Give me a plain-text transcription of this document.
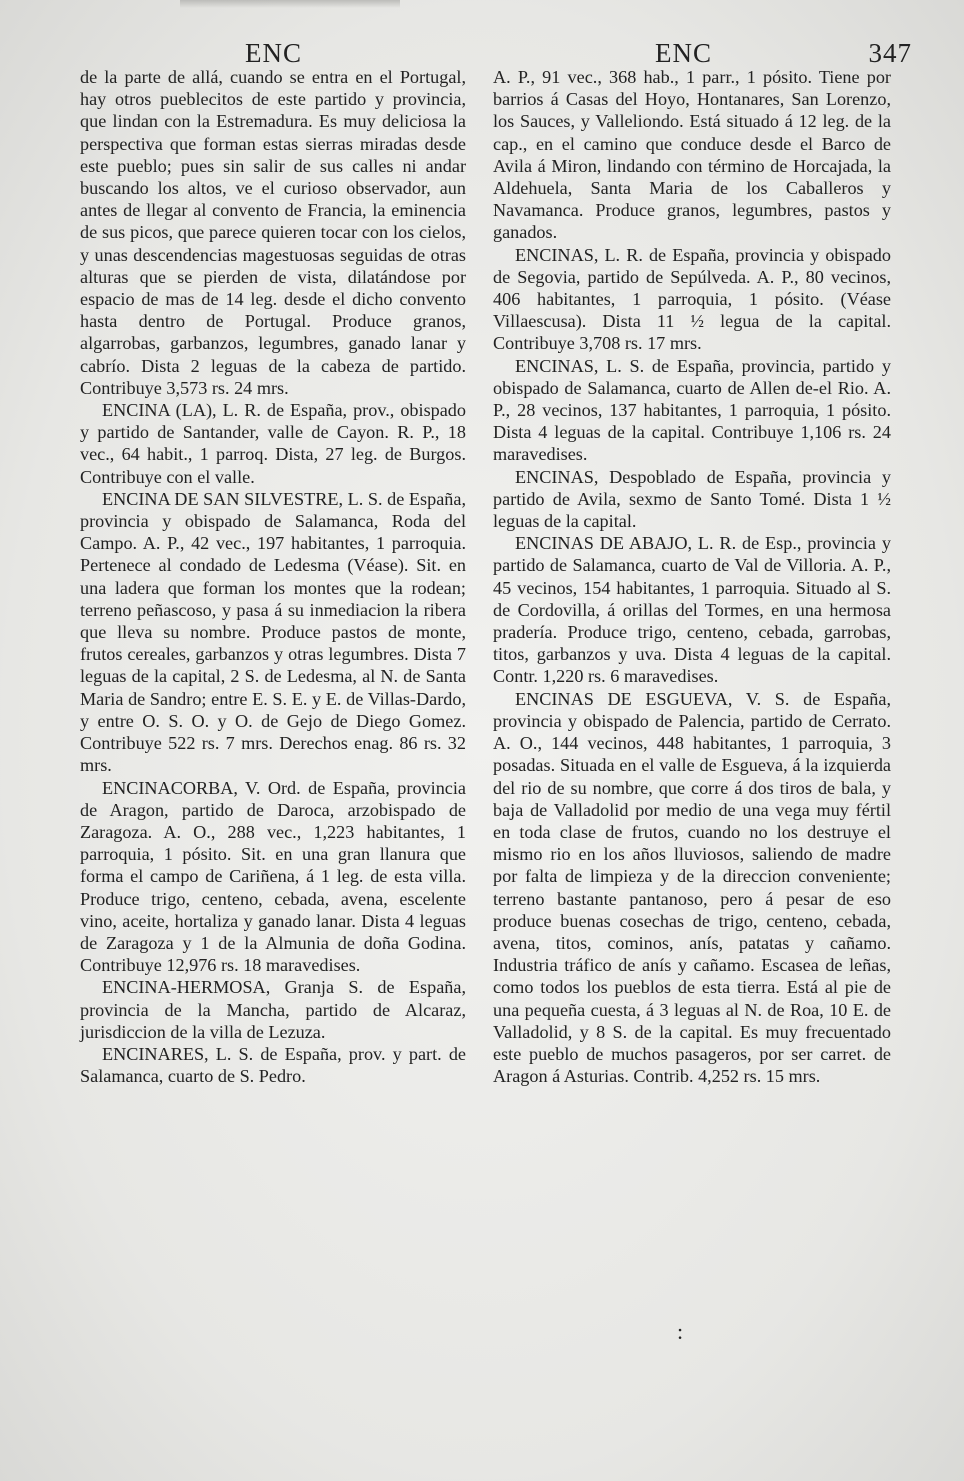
ENC	ENC	347

de la parte de allá, cuando se entra en el Portugal, hay otros pueblecitos de este partido y provincia, que lindan con la Estremadura. Es muy deliciosa la perspectiva que forman estas sierras miradas desde este pueblo; pues sin salir de sus calles ni andar buscando los altos, ve el curioso observador, aun antes de llegar al convento de Francia, la eminencia de sus picos, que parece quieren tocar con los cielos, y unas descendencias magestuosas seguidas de otras alturas que se pierden de vista, dilatándose por espacio de mas de 14 leg. desde el dicho convento hasta dentro de Portugal. Produce granos, algarrobas, garbanzos, legumbres, ganado lanar y cabrío. Dista 2 leguas de la cabeza de partido. Contribuye 3,573 rs. 24 mrs.

ENCINA (LA), L. R. de España, prov., obispado y partido de Santander, valle de Cayon. R. P., 18 vec., 64 habit., 1 parroq. Dista, 27 leg. de Burgos. Contribuye con el valle.

ENCINA DE SAN SILVESTRE, L. S. de España, provincia y obispado de Salamanca, Roda del Campo. A. P., 42 vec., 197 habitantes, 1 parroquia. Pertenece al condado de Ledesma (Véase). Sit. en una ladera que forman los montes que la rodean; terreno peñascoso, y pasa á su inmediacion la ribera que lleva su nombre. Produce pastos de monte, frutos cereales, garbanzos y otras legumbres. Dista 7 leguas de la capital, 2 S. de Ledesma, al N. de Santa Maria de Sandro; entre E. S. E. y E. de Villas-Dardo, y entre O. S. O. y O. de Gejo de Diego Gomez. Contribuye 522 rs. 7 mrs. Derechos enag. 86 rs. 32 mrs.

ENCINACORBA, V. Ord. de España, provincia de Aragon, partido de Daroca, arzobispado de Zaragoza. A. O., 288 vec., 1,223 habitantes, 1 parroquia, 1 pósito. Sit. en una gran llanura que forma el campo de Cariñena, á 1 leg. de esta villa. Produce trigo, centeno, cebada, avena, escelente vino, aceite, hortaliza y ganado lanar. Dista 4 leguas de Zaragoza y 1 de la Almunia de doña Godina. Contribuye 12,976 rs. 18 maravedises.

ENCINA-HERMOSA, Granja S. de España, provincia de la Mancha, partido de Alcaraz, jurisdiccion de la villa de Lezuza.

ENCINARES, L. S. de España, prov. y part. de Salamanca, cuarto de S. Pedro.

A. P., 91 vec., 368 hab., 1 parr., 1 pósito. Tiene por barrios á Casas del Hoyo, Hontanares, San Lorenzo, los Sauces, y Valleliondo. Está situado á 12 leg. de la cap., en el camino que conduce desde el Barco de Avila á Miron, lindando con término de Horcajada, la Aldehuela, Santa Maria de los Caballeros y Navamanca. Produce granos, legumbres, pastos y ganados.

ENCINAS, L. R. de España, provincia y obispado de Segovia, partido de Sepúlveda. A. P., 80 vecinos, 406 habitantes, 1 parroquia, 1 pósito. (Véase Villaescusa). Dista 11 ½ legua de la capital. Contribuye 3,708 rs. 17 mrs.

ENCINAS, L. S. de España, provincia, partido y obispado de Salamanca, cuarto de Allen de-el Rio. A. P., 28 vecinos, 137 habitantes, 1 parroquia, 1 pósito. Dista 4 leguas de la capital. Contribuye 1,106 rs. 24 maravedises.

ENCINAS, Despoblado de España, provincia y partido de Avila, sexmo de Santo Tomé. Dista 1 ½ leguas de la capital.

ENCINAS DE ABAJO, L. R. de Esp., provincia y partido de Salamanca, cuarto de Val de Villoria. A. P., 45 vecinos, 154 habitantes, 1 parroquia. Situado al S. de Cordovilla, á orillas del Tormes, en una hermosa pradería. Produce trigo, centeno, cebada, garrobas, titos, garbanzos y uva. Dista 4 leguas de la capital. Contr. 1,220 rs. 6 maravedises.

ENCINAS DE ESGUEVA, V. S. de España, provincia y obispado de Palencia, partido de Cerrato. A. O., 144 vecinos, 448 habitantes, 1 parroquia, 3 posadas. Situada en el valle de Esgueva, á la izquierda del rio de su nombre, que corre á dos tiros de bala, y baja de Valladolid por medio de una vega muy fértil en toda clase de frutos, cuando no los destruye el mismo rio en los años lluviosos, saliendo de madre por falta de limpieza y de la direccion conveniente; terreno bastante pantanoso, pero á pesar de eso produce buenas cosechas de trigo, centeno, cebada, avena, titos, cominos, anís, patatas y cañamo. Industria tráfico de anís y cañamo. Escasea de leñas, como todos los pueblos de esta tierra. Está al pie de una pequeña cuesta, á 3 leguas al N. de Roa, 10 E. de Valladolid, y 8 S. de la capital. Es muy frecuentado este pueblo de muchos pasageros, por ser carret. de Aragon á Asturias. Contrib. 4,252 rs. 15 mrs.

:
